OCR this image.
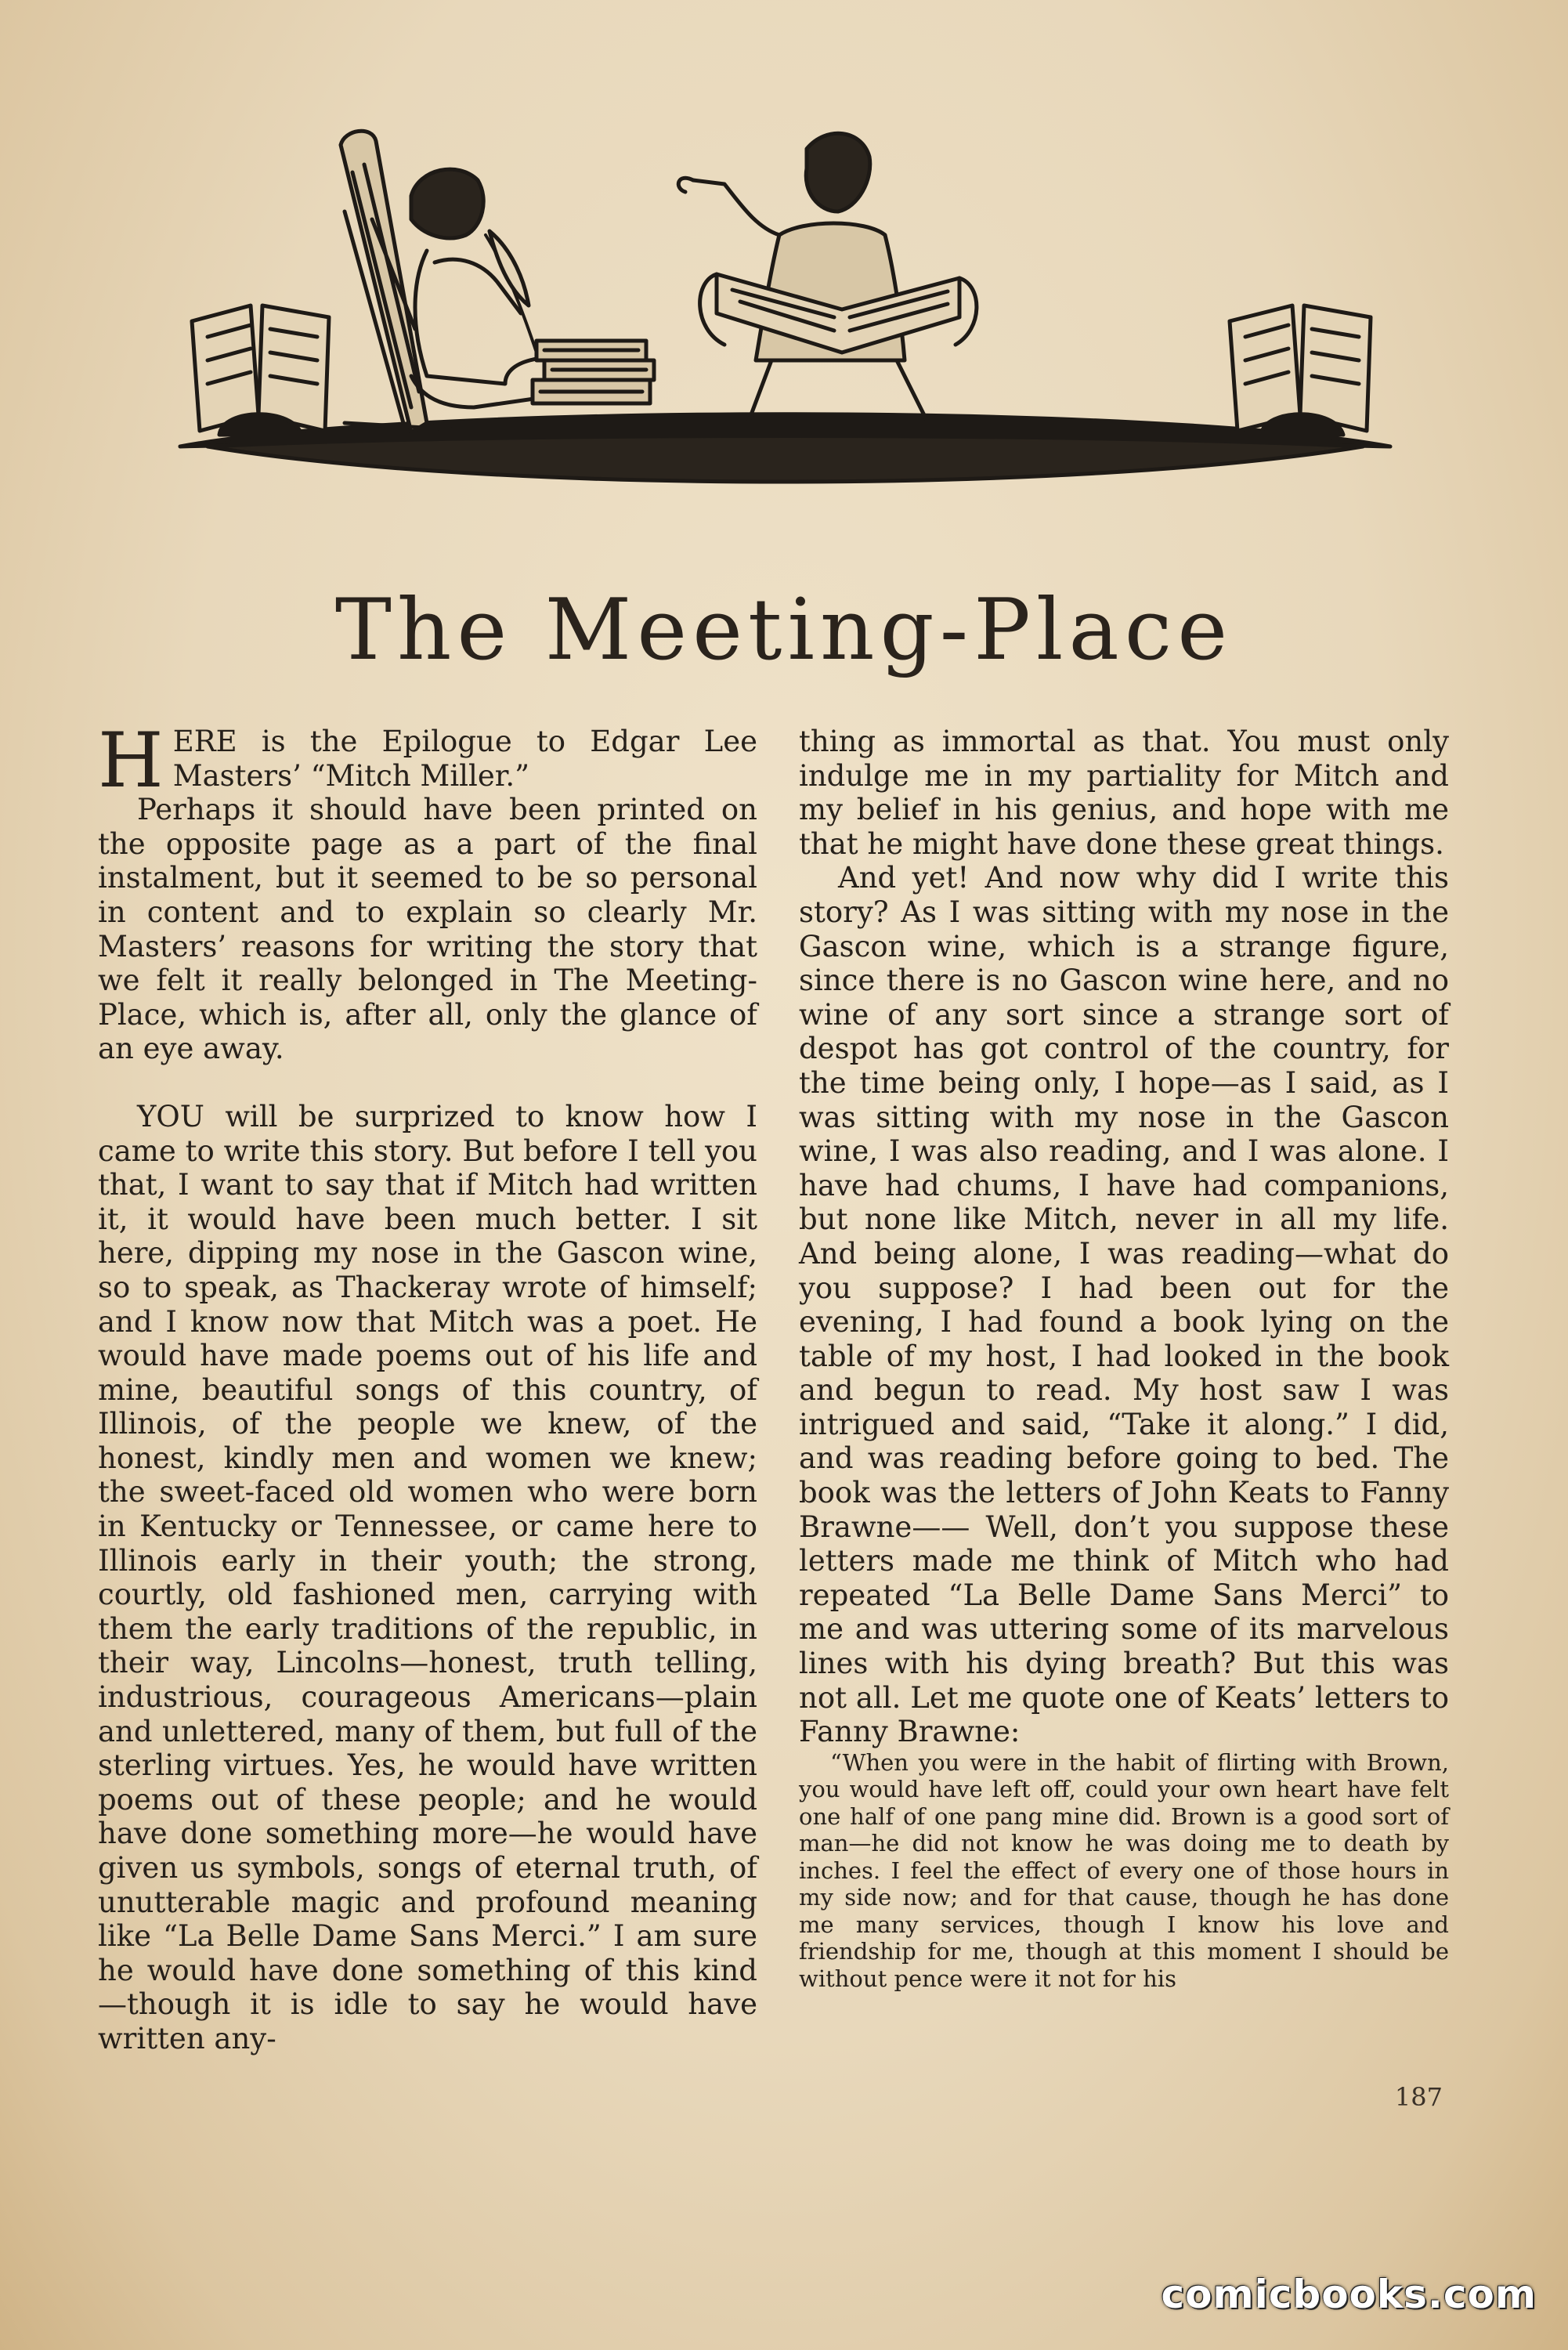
The Meeting-Place

HERE is the Epilogue to Edgar Lee Masters’ “Mitch Miller.”

Perhaps it should have been printed on the opposite page as a part of the final instalment, but it seemed to be so personal in content and to explain so clearly Mr. Masters’ reasons for writing the story that we felt it really belonged in The Meeting-Place, which is, after all, only the glance of an eye away.

YOU will be surprized to know how I came to write this story. But before I tell you that, I want to say that if Mitch had written it, it would have been much better. I sit here, dipping my nose in the Gascon wine, so to speak, as Thackeray wrote of himself; and I know now that Mitch was a poet. He would have made poems out of his life and mine, beautiful songs of this country, of Illinois, of the people we knew, of the honest, kindly men and women we knew; the sweet-faced old women who were born in Kentucky or Tennessee, or came here to Illinois early in their youth; the strong, courtly, old fashioned men, carrying with them the early traditions of the republic, in their way, Lincolns—honest, truth telling, industrious, courageous Americans—plain and unlettered, many of them, but full of the sterling virtues. Yes, he would have written poems out of these people; and he would have done something more—he would have given us symbols, songs of eternal truth, of unutterable magic and profound meaning like “La Belle Dame Sans Merci.” I am sure he would have done something of this kind—though it is idle to say he would have written any-

thing as immortal as that. You must only indulge me in my partiality for Mitch and my belief in his genius, and hope with me that he might have done these great things.

And yet! And now why did I write this story? As I was sitting with my nose in the Gascon wine, which is a strange figure, since there is no Gascon wine here, and no wine of any sort since a strange sort of despot has got control of the country, for the time being only, I hope—as I said, as I was sitting with my nose in the Gascon wine, I was also reading, and I was alone. I have had chums, I have had companions, but none like Mitch, never in all my life. And being alone, I was reading—what do you suppose? I had been out for the evening, I had found a book lying on the table of my host, I had looked in the book and begun to read. My host saw I was intrigued and said, “Take it along.” I did, and was reading before going to bed. The book was the letters of John Keats to Fanny Brawne—— Well, don’t you suppose these letters made me think of Mitch who had repeated “La Belle Dame Sans Merci” to me and was uttering some of its marvelous lines with his dying breath? But this was not all. Let me quote one of Keats’ letters to Fanny Brawne:

“When you were in the habit of flirting with Brown, you would have left off, could your own heart have felt one half of one pang mine did. Brown is a good sort of man—he did not know he was doing me to death by inches. I feel the effect of every one of those hours in my side now; and for that cause, though he has done me many services, though I know his love and friendship for me, though at this moment I should be without pence were it not for his

187
comicbooks.com
